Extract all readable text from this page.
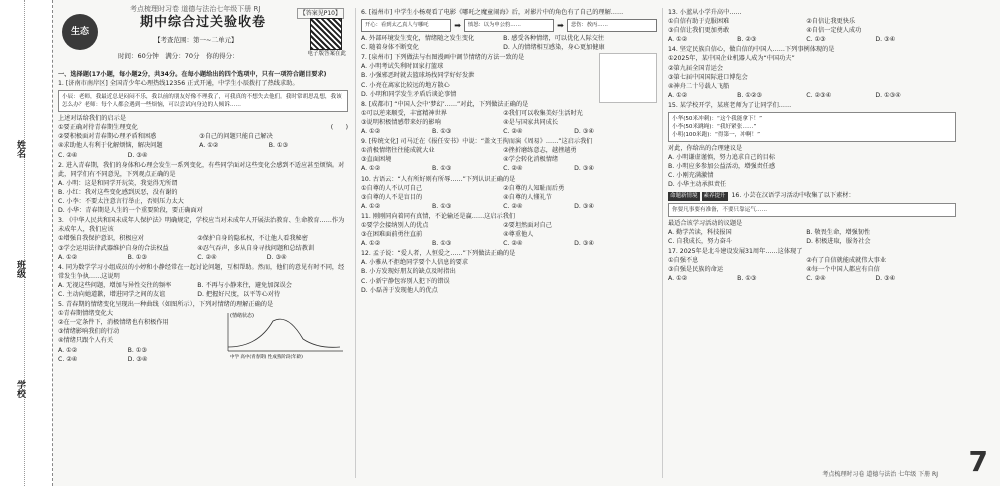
姓名
班级
学校
考点梳理时习卷 道德与法治七年级下册 RJ
【答案见P10】
生态
期中综合过关验收卷
【考查范围：第一~二单元】
时间：60分钟　 满分：70分　 你的得分：	电子版答案在此
一、选择题(17小题，每小题2分，共34分。在每小题给出的四个选项中，只有一项符合题目要求)
1. [济南市南岸区] 全国青少年心理热线12356 正式开通，中学生小辰拨打了热线求助。
小辰：老师，我最近总是闷闷不乐，我以前的朋友好像不理我了，可我真的不想失去他们。我时常胡思乱想，我该怎么办？老师：每个人都会遇到一些烦恼，可以尝试向身边的人倾诉……
上述对话给我们的启示是
(　　)
①要正确对待青春期生理变化②要积极面对青春期心理矛盾和困惑	③自己的问题只能自己解决④求助他人有利于化解烦恼，解决问题	A. ①②	B. ①③C. ②④	D. ③④
2. 进入青春期，我们的身体和心理会发生一系列变化，有些同学面对这些变化会感到不适应甚至烦恼。对此，同学们有不同意见，下列观点正确的是
A. 小明：这是和同学开玩笑，我觉得无所谓
B. 小红：我对这些变化感到厌恶，没有谢的
C. 小李：不要太注意言行举止，否则压力太大
D. 小华：青春期是人生的一个重要阶段，要正确面对
3. 《中华人民共和国未成年人保护法》明确规定，学校应当对未成年人开展法治教育、生命教育……作为未成年人，我们应该
①增强自我保护意识，积极应对	②保护自身的隐私权，不让他人看我秘密 ③学会运用法律武器维护自身的合法权益	④忍气吞声，多从自身寻找问题和总结教训 A. ①②	B. ①③	C. ②④	D. ③④
4. 同为数学学习小组成员的小婷和小静经常在一起讨论问题，互相帮助。然而，他们的意见有时不同，经常发生争执……这说明
A. 无视这些问题，增加与异性交往的频率	B. 不再与小静来往，避免加深误会 C. 主动向她道歉，增进同学之间的友谊	D. 把握好尺度，以平等心对待
5. 青春期的情绪变化呈现出一种曲线（如图所示），下列对情绪的理解正确的是
(情绪状态)
中学 高中(青春期) 性成熟阶段(年龄)
①青春期情绪变化大
②在一定条件下，消极情绪也有积极作用
③情绪影响我们的行动
④情绪只跟个人有关
A. ①②	B. ①③C. ②④	D. ③④
6. [福州市] 中学生小杨观看了电影《哪吒之魔童闹海》后，对影片中的角色有了自己的理解……
开心：看到太乙真人与哪吒	➡	愤怒：以为申公豹……	➡	悲伤：敖丙……
A. 外部环境发生变化，情绪随之发生变化	B. 感受各种情绪，可以优化人际交往 C. 随着身体不断变化	D. 人的情绪相互感染，身心更加健康
7. [泉州市] 下列做法与右图漫画中调节情绪的方法一致的是
A. 小明考试失利时回家打篮球
B. 小强邪恶时就去篮球场找同学好好发泄
C. 小亮在离家比较远的地方散心
D. 小明和同学发生矛盾后谈论事情
8. [成都市] “中国人会中‘梦幻’……”对此，下列做法正确的是
①可以逆来顺受，丰富精神世界	②我们可以收集美好生活时光 ③说明积极情感带来好的影响	④是与国家共同成长 A. ①②	B. ①③	C. ②④	D. ③④
9. [传统文化] 司马迁在《报任安书》中说：“盖文王拘而演《周易》……”这启示我们
①消极情绪往往能成就大业	②挫折磨练意志，越挫越勇 ③直面困境	④学会转化消极情绪 A. ①②	B. ①③	C. ②④	D. ③④
10. 古语云：“人有所好则有所辱……”下列认识正确的是
①自尊的人不认可自己	②自尊的人知耻而后勇 ③自尊的人不是盲目的	④自尊的人懂礼节 A. ①②	B. ①③	C. ②④	D. ③④
11. 刚刚同向着同有真情，不论输还是赢……这启示我们
①要学会接纳别人的优点	②要坦然面对自己 ③在困难面前勇往直前	④尊重他人 A. ①②	B. ①③	C. ②④	D. ③④
12. 孟子说：“爱人者，人恒爱之……”下列做法正确的是
A. 小雅从不拒绝同学要个人信息的要求
B. 小方发现好朋友的缺点及时指出
C. 小新宁静包容别人犯下的错误
D. 小磊善于发现他人的优点
13. 小蓝从小学升高中……
①自信有助于克服困难	②自信让我更快乐 ③自信让我们更加勇敢	④自信一定使人成功 A. ①②	B. ②③	C. ①③	D. ③④
14. 坚定民族自信心，做自信的中国人……下列事例体现的是
①2025年，某中国企业机器人成为“中国功夫”
②第九届全国青运会
③第七届中国国际进口博览会
④神舟二十号载人飞船
A. ①②	B. ①②③	C. ②③④	D. ①③④
15. 某学校开学，某班老师为了让同学们……
小华(50米冲刺)：“这个我能拿下！”
小李(50米跳绳)：“我好紧张……”
小明(100米跑)：“得第一，冲啊！”
对此，你给出的合理建议是
A. 小明谦虚谨慎，努力追求自己的目标
B. 小明应多参加公益活动，增强责任感
C. 小刚充满激情
D. 小华主动承担责任
命题新情境 素养提升 16. 小芸在汉语学习活动中收集了以下素材：
你要凡事要有准备，不要只靠运气……
最适合该学习活动的议题是
A. 勤学苦读，科技报国	B. 敬畏生命，增强韧性 C. 自我成长，努力奋斗	D. 积极进取，服务社会
17. 2025年是北斗建设发展31周年……这体现了
①自强不息	②有了自信就能成就伟大事业 ③自强是民族的命运	④每一个中国人都应有自信 A. ①②	B. ①③	C. ②④	D. ③④
考点梳理时习卷 道德与法治 七年级 下册 RJ 7
